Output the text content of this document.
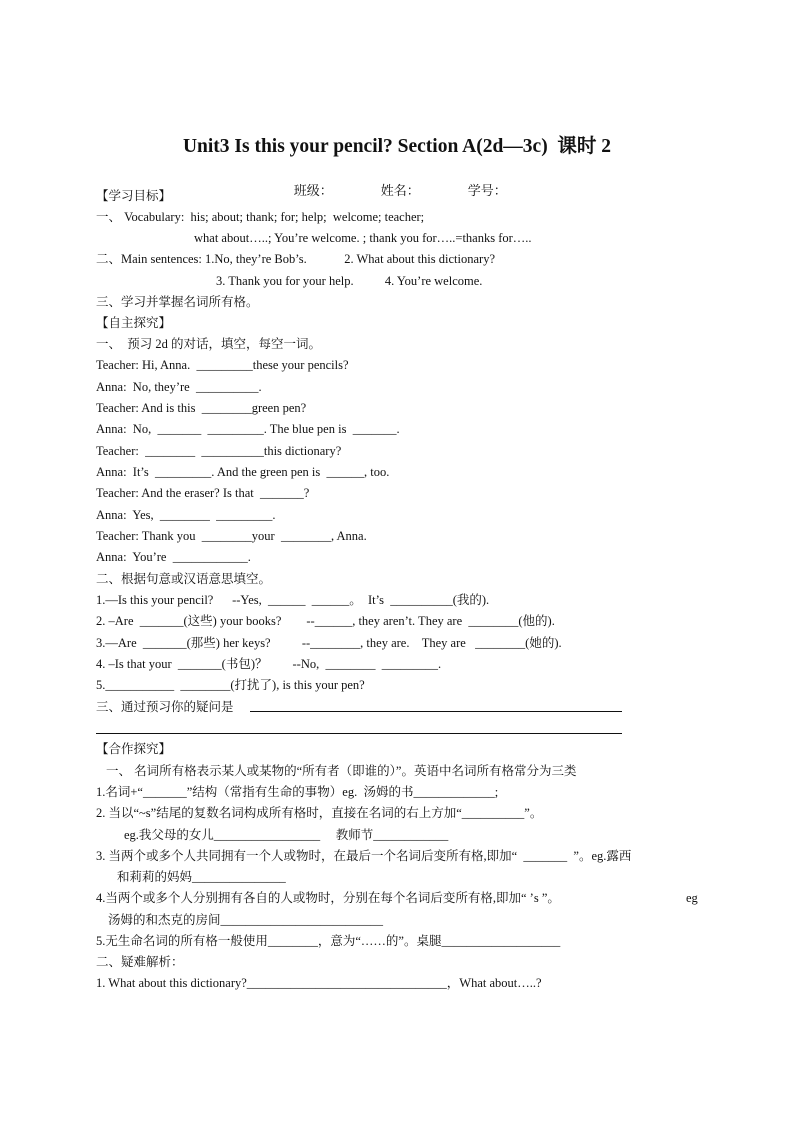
Unit3 Is this your pencil? Section A(2d—3c)  课时 2

班级：	姓名：	学号：

【学习目标】
一、 Vocabulary:  his; about; thank; for; help;  welcome; teacher;
what about…..; You’re welcome. ; thank you for…..=thanks for…..
二、Main sentences: 1.No, they’re Bob’s.            2. What about this dictionary?
3. Thank you for your help.          4. You’re welcome.
三、学习并掌握名词所有格。
【自主探究】
一、  预习 2d 的对话，填空，每空一词。
Teacher: Hi, Anna.  _________these your pencils?
Anna:  No, they’re  __________.
Teacher: And is this  ________green pen?
Anna:  No,  _______  _________. The blue pen is  _______.
Teacher:  ________  __________this dictionary?
Anna:  It’s  _________. And the green pen is  ______, too.
Teacher: And the eraser? Is that  _______?
Anna:  Yes,  ________  _________.
Teacher: Thank you  ________your  ________, Anna.
Anna:  You’re  ____________.
二、根据句意或汉语意思填空。
1.—Is this your pencil?      --Yes,  ______  ______。  It’s  __________(我的).
2. –Are  _______(这些) your books?        --______, they aren’t. They are  ________(他的).
3.—Are  _______(那些) her keys?          --________, they are.    They are   ________(她的).
4. –Is that your  _______(书包)？        --No,  ________  _________.
5.___________  ________(打扰了), is this your pen?
三、通过预习你的疑问是
【合作探究】
一、 名词所有格表示某人或某物的“所有者（即谁的）”。英语中名词所有格常分为三类
1.名词+“_______”结构（常指有生命的事物）eg.  汤姆的书_____________;
2. 当以“~s”结尾的复数名词构成所有格时，直接在名词的右上方加“__________”。
eg.我父母的女儿_________________     教师节____________
3. 当两个或多个人共同拥有一个人或物时，在最后一个名词后变所有格,即加“  _______  ”。eg.露西
和莉莉的妈妈_______________
4.当两个或多个人分别拥有各自的人或物时，分别在每个名词后变所有格,即加“ ’s ”。	eg
汤姆的和杰克的房间__________________________
5.无生命名词的所有格一般使用________，意为“……的”。桌腿___________________
二、疑难解析：
1. What about this dictionary?________________________________，What about…..?
